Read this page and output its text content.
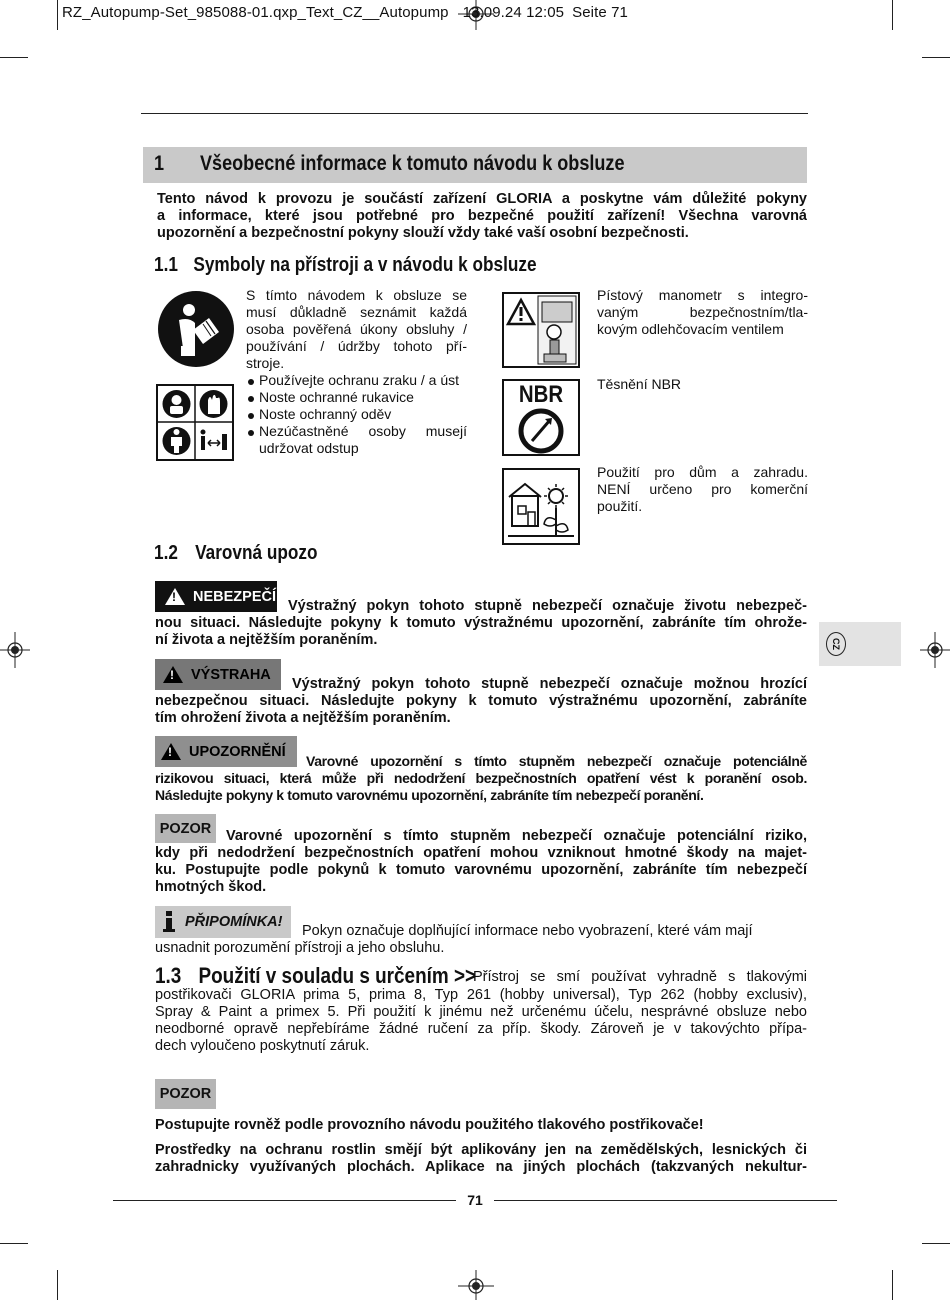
RZ_Autopump-Set_985088-01.qxp_Text_CZ__Autopump 13.09.24 12:05 Seite 71
1 Všeobecné informace k tomuto návodu k obsluze
Tento návod k provozu je součástí zařízení GLORIA a poskytne vám důležité pokyny
a informace, které jsou potřebné pro bezpečné použití zařízení! Všechna varovná
upozornění a bezpečnostní pokyny slouží vždy také vaší osobní bezpečnosti.
1.1 Symboly na přístroji a v návodu k obsluze
S tímto návodem k obsluze se
musí důkladně seznámit každá
osoba pověřená úkony obsluhy /
používání / údržby tohoto pří-
stroje.
Používejte ochranu zraku / a úst
Noste ochranné rukavice
Noste ochranný oděv
Nezúčastněné osoby musejí
udržovat odstup
Pístový manometr s integro-
vaným bezpečnostním/tla-
kovým odlehčovacím ventilem
NBR	Těsnění NBR
Použití pro dům a zahradu.
NENÍ určeno pro komerční
použití.
1.2 Varovná upozo
!
NEBEZPEČÍ
Výstražný pokyn tohoto stupně nebezpečí označuje životu nebezpeč-
nou situaci. Následujte pokyny k tomuto výstražnému upozornění, zabráníte tím ohrože-
ní života a nejtěžším poraněním.
!
VÝSTRAHA
Výstražný pokyn tohoto stupně nebezpečí označuje možnou hrozící
nebezpečnou situaci. Následujte pokyny k tomuto výstražnému upozornění, zabráníte
tím ohrožení života a nejtěžším poraněním.
!
UPOZORNĚNÍ
Varovné upozornění s tímto stupněm nebezpečí označuje potenciálně
rizikovou situaci, která může při nedodržení bezpečnostních opatření vést k poranění osob.
Následujte pokyny k tomuto varovnému upozornění, zabráníte tím nebezpečí poranění.
POZOR	Varovné upozornění s tímto stupněm nebezpečí označuje potenciální riziko,
kdy při nedodržení bezpečnostních opatření mohou vzniknout hmotné škody na majet-
ku. Postupujte podle pokynů k tomuto varovnému upozornění, zabráníte tím nebezpečí
hmotných škod.
PŘIPOMÍNKA!
Pokyn označuje doplňující informace nebo vyobrazení, které vám mají
usnadnit porozumění přístroji a jeho obsluhu.
1.3 Použití v souladu s určením >>
Přístroj se smí používat vyhradně s tlakovými
postřikovači GLORIA prima 5, prima 8, Typ 261 (hobby universal), Typ 262 (hobby exclusiv),
Spray & Paint a primex 5. Při použití k jinému než určenému účelu, nesprávné obsluze nebo
neodborné opravě nepřebíráme žádné ručení za příp. škody. Zároveň je v takovýchto přípa-
dech vyloučeno poskytnutí záruk.
POZOR
Postupujte rovněž podle provozního návodu použitého tlakového postřikovače!
Prostředky na ochranu rostlin smějí být aplikovány jen na zemědělských, lesnických či
zahradnicky využívaných plochách. Aplikace na jiných plochách (takzvaných nekultur-
CZ
71
